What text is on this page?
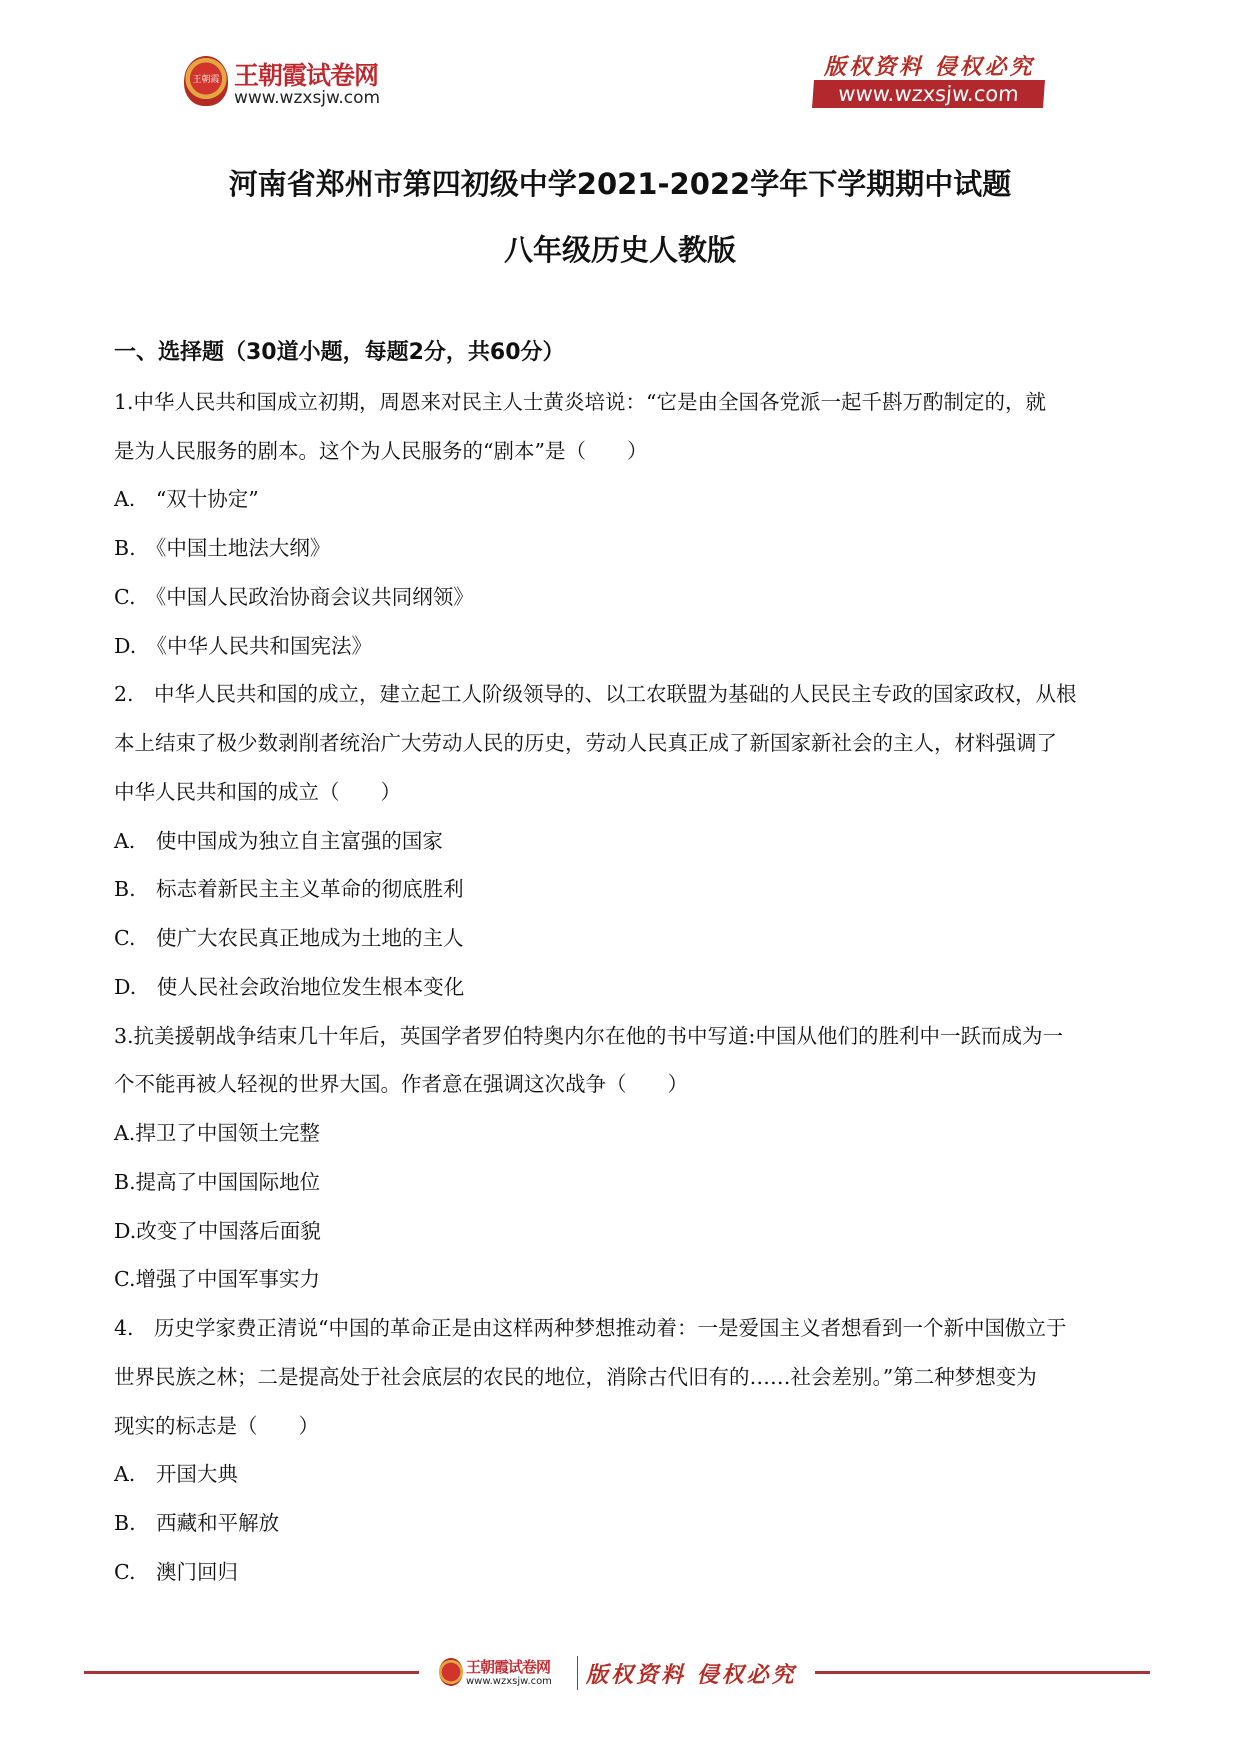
王朝霞 王朝霞试卷网
www.wzxsjw.com
版权资料 侵权必究
www.wzxsjw.com
河南省郑州市第四初级中学2021-2022学年下学期期中试题
八年级历史人教版
一、选择题（30道小题，每题2分，共60分）
1.中华人民共和国成立初期，周恩来对民主人士黄炎培说：“它是由全国各党派一起千斟万酌制定的，就
是为人民服务的剧本。这个为人民服务的“剧本”是（　　）
A.　“双十协定”
B.　《中国土地法大纲》
C.　《中国人民政治协商会议共同纲领》
D.　《中华人民共和国宪法》
2.　中华人民共和国的成立，建立起工人阶级领导的、以工农联盟为基础的人民民主专政的国家政权，从根
本上结束了极少数剥削者统治广大劳动人民的历史，劳动人民真正成了新国家新社会的主人，材料强调了
中华人民共和国的成立（　　）
A.　使中国成为独立自主富强的国家
B.　标志着新民主主义革命的彻底胜利
C.　使广大农民真正地成为土地的主人
D.　使人民社会政治地位发生根本变化
3.抗美援朝战争结束几十年后，英国学者罗伯特奥内尔在他的书中写道:中国从他们的胜利中一跃而成为一
个不能再被人轻视的世界大国。作者意在强调这次战争（　　）
A.捍卫了中国领土完整
B.提高了中国国际地位
D.改变了中国落后面貌
C.增强了中国军事实力
4.　历史学家费正清说“中国的革命正是由这样两种梦想推动着：一是爱国主义者想看到一个新中国傲立于
世界民族之林；二是提高处于社会底层的农民的地位，消除古代旧有的……社会差别。”第二种梦想变为
现实的标志是（　　）
A.　开国大典
B.　西藏和平解放
C.　澳门回归
王朝霞试卷网
www.wzxsjw.com 版权资料 侵权必究
